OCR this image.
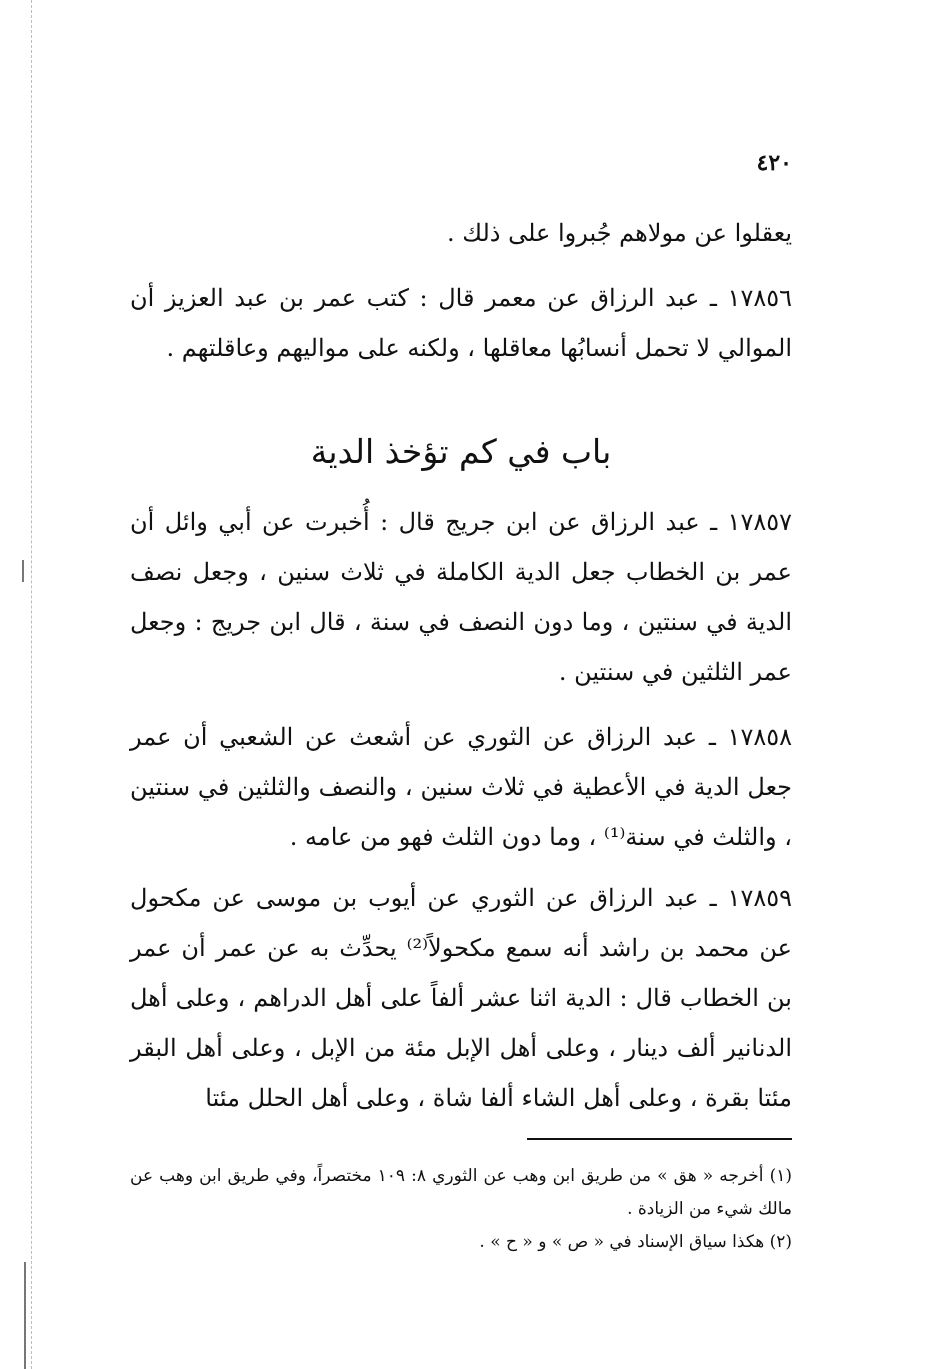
٤٢٠

يعقلوا عن مولاهم جُبروا على ذلك .

١٧٨٥٦ ـ عبد الرزاق عن معمر قال : كتب عمر بن عبد العزيز أن الموالي لا تحمل أنسابُها معاقلها ، ولكنه على مواليهم وعاقلتهم .

باب في كم تؤخذ الدية

١٧٨٥٧ ـ عبد الرزاق عن ابن جريج قال : أُخبرت عن أبي وائل أن عمر بن الخطاب جعل الدية الكاملة في ثلاث سنين ، وجعل نصف الدية في سنتين ، وما دون النصف في سنة ، قال ابن جريج : وجعل عمر الثلثين في سنتين .

١٧٨٥٨ ـ عبد الرزاق عن الثوري عن أشعث عن الشعبي أن عمر جعل الدية في الأعطية في ثلاث سنين ، والنصف والثلثين في سنتين ، والثلث في سنة⁽¹⁾ ، وما دون الثلث فهو من عامه .

١٧٨٥٩ ـ عبد الرزاق عن الثوري عن أيوب بن موسى عن مكحول عن محمد بن راشد أنه سمع مكحولاً⁽²⁾ يحدِّث به عن عمر أن عمر بن الخطاب قال : الدية اثنا عشر ألفاً على أهل الدراهم ، وعلى أهل الدنانير ألف دينار ، وعلى أهل الإبل مئة من الإبل ، وعلى أهل البقر مئتا بقرة ، وعلى أهل الشاء ألفا شاة ، وعلى أهل الحلل مئتا

(١) أخرجه « هق » من طريق ابن وهب عن الثوري ٨: ١٠٩ مختصراً، وفي طريق ابن وهب عن مالك شيء من الزيادة .

(٢) هكذا سياق الإسناد في « ص » و « ح » .
